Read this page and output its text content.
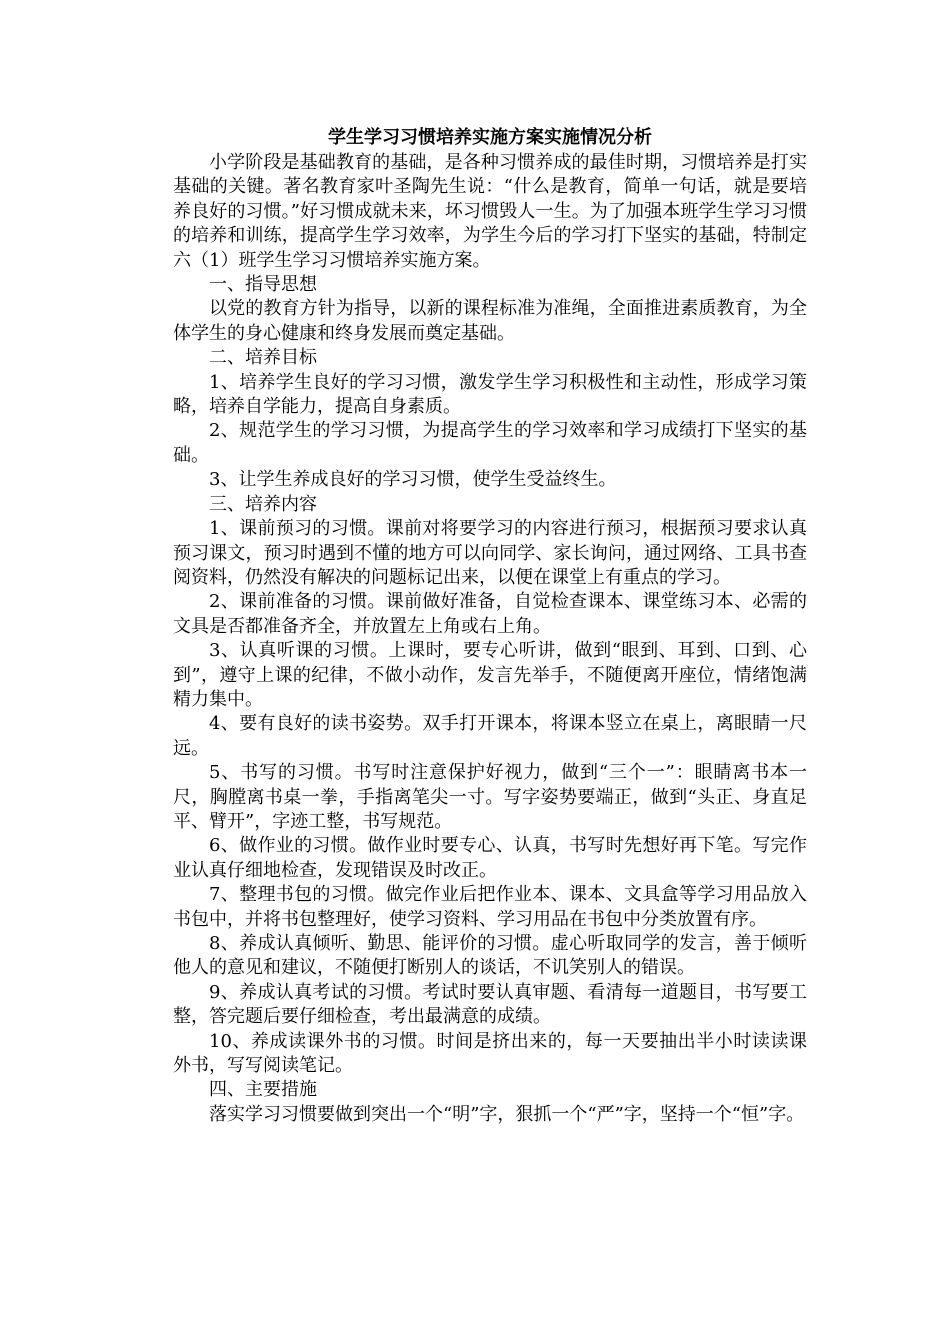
学生学习习惯培养实施方案实施情况分析

小学阶段是基础教育的基础，是各种习惯养成的最佳时期，习惯培养是打实基础的关键。著名教育家叶圣陶先生说：“什么是教育，简单一句话，就是要培养良好的习惯。”好习惯成就未来，坏习惯毁人一生。为了加强本班学生学习习惯的培养和训练，提高学生学习效率，为学生今后的学习打下坚实的基础，特制定六（1）班学生学习习惯培养实施方案。

一、指导思想

以党的教育方针为指导，以新的课程标准为准绳，全面推进素质教育，为全体学生的身心健康和终身发展而奠定基础。

二、培养目标

1、培养学生良好的学习习惯，激发学生学习积极性和主动性，形成学习策略，培养自学能力，提高自身素质。

2、规范学生的学习习惯，为提高学生的学习效率和学习成绩打下坚实的基础。

3、让学生养成良好的学习习惯，使学生受益终生。

三、培养内容

1、课前预习的习惯。课前对将要学习的内容进行预习，根据预习要求认真预习课文，预习时遇到不懂的地方可以向同学、家长询问，通过网络、工具书查阅资料，仍然没有解决的问题标记出来，以便在课堂上有重点的学习。

2、课前准备的习惯。课前做好准备，自觉检查课本、课堂练习本、必需的文具是否都准备齐全，并放置左上角或右上角。

3、认真听课的习惯。上课时，要专心听讲，做到“眼到、耳到、口到、心到”，遵守上课的纪律，不做小动作，发言先举手，不随便离开座位，情绪饱满精力集中。

4、要有良好的读书姿势。双手打开课本，将课本竖立在桌上，离眼睛一尺远。

5、书写的习惯。书写时注意保护好视力，做到“三个一”：眼睛离书本一尺，胸膛离书桌一拳，手指离笔尖一寸。写字姿势要端正，做到“头正、身直足平、臂开”，字迹工整，书写规范。

6、做作业的习惯。做作业时要专心、认真，书写时先想好再下笔。写完作业认真仔细地检查，发现错误及时改正。

7、整理书包的习惯。做完作业后把作业本、课本、文具盒等学习用品放入书包中，并将书包整理好，使学习资料、学习用品在书包中分类放置有序。

8、养成认真倾听、勤思、能评价的习惯。虚心听取同学的发言，善于倾听他人的意见和建议，不随便打断别人的谈话，不讥笑别人的错误。

9、养成认真考试的习惯。考试时要认真审题、看清每一道题目，书写要工整，答完题后要仔细检查，考出最满意的成绩。

10、养成读课外书的习惯。时间是挤出来的，每一天要抽出半小时读读课外书，写写阅读笔记。

四、主要措施

落实学习习惯要做到突出一个“明”字，狠抓一个“严”字，坚持一个“恒”字。
